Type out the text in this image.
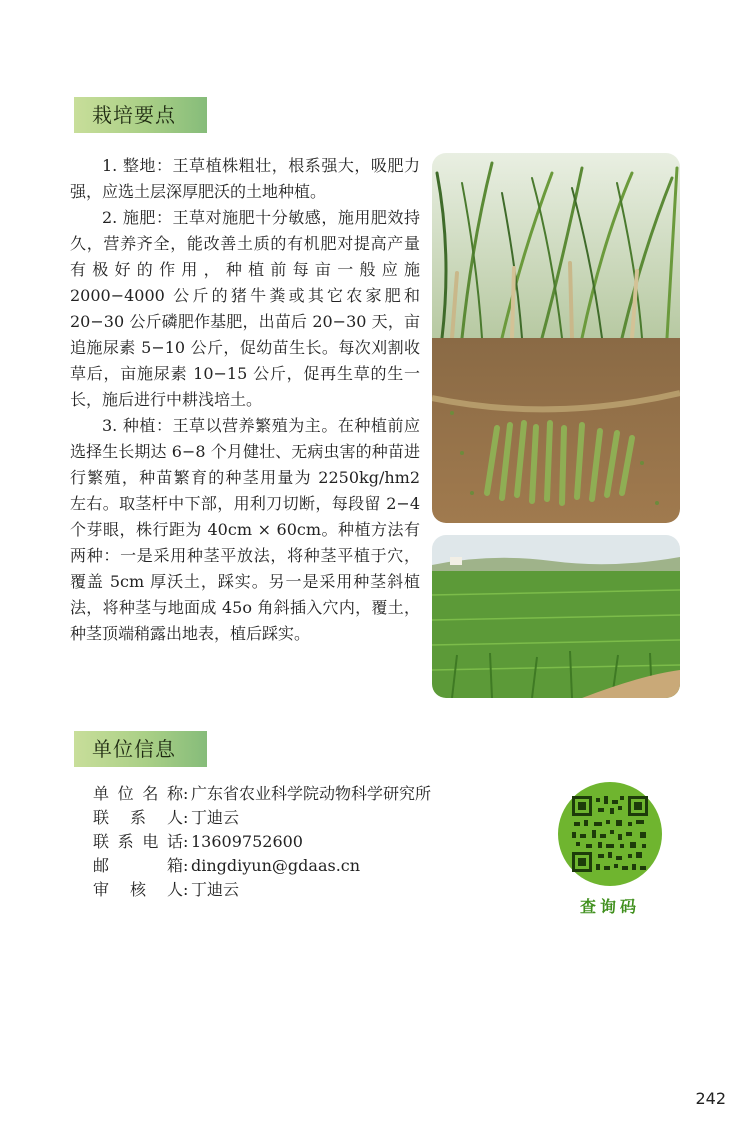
栽培要点

1. 整地：王草植株粗壮，根系强大，吸肥力强，应选土层深厚肥沃的土地种植。

2. 施肥：王草对施肥十分敏感，施用肥效持久，营养齐全，能改善土质的有机肥对提高产量有极好的作用，种植前每亩一般应施 2000−4000 公斤的猪牛粪或其它农家肥和 20−30 公斤磷肥作基肥，出苗后 20−30 天，亩追施尿素 5−10 公斤，促幼苗生长。每次刈割收草后，亩施尿素 10−15 公斤，促再生草的生一长，施后进行中耕浅培土。

3. 种植：王草以营养繁殖为主。在种植前应选择生长期达 6−8 个月健壮、无病虫害的种苗进行繁殖，种苗繁育的种茎用量为 2250kg/hm2 左右。取茎杆中下部，用利刀切断，每段留 2−4 个芽眼，株行距为 40cm × 60cm。种植方法有两种：一是采用种茎平放法，将种茎平植于穴，覆盖 5cm 厚沃土，踩实。另一是采用种茎斜植法，将种茎与地面成 45o 角斜插入穴内，覆土，种茎顶端稍露出地表，植后踩实。

单位信息
单位名称 : 广东省农业科学院动物科学研究所
联系人 : 丁迪云
联系电话 : 13609752600
邮箱 : dingdiyun@gdaas.cn
审核人 : 丁迪云
查询码
242
